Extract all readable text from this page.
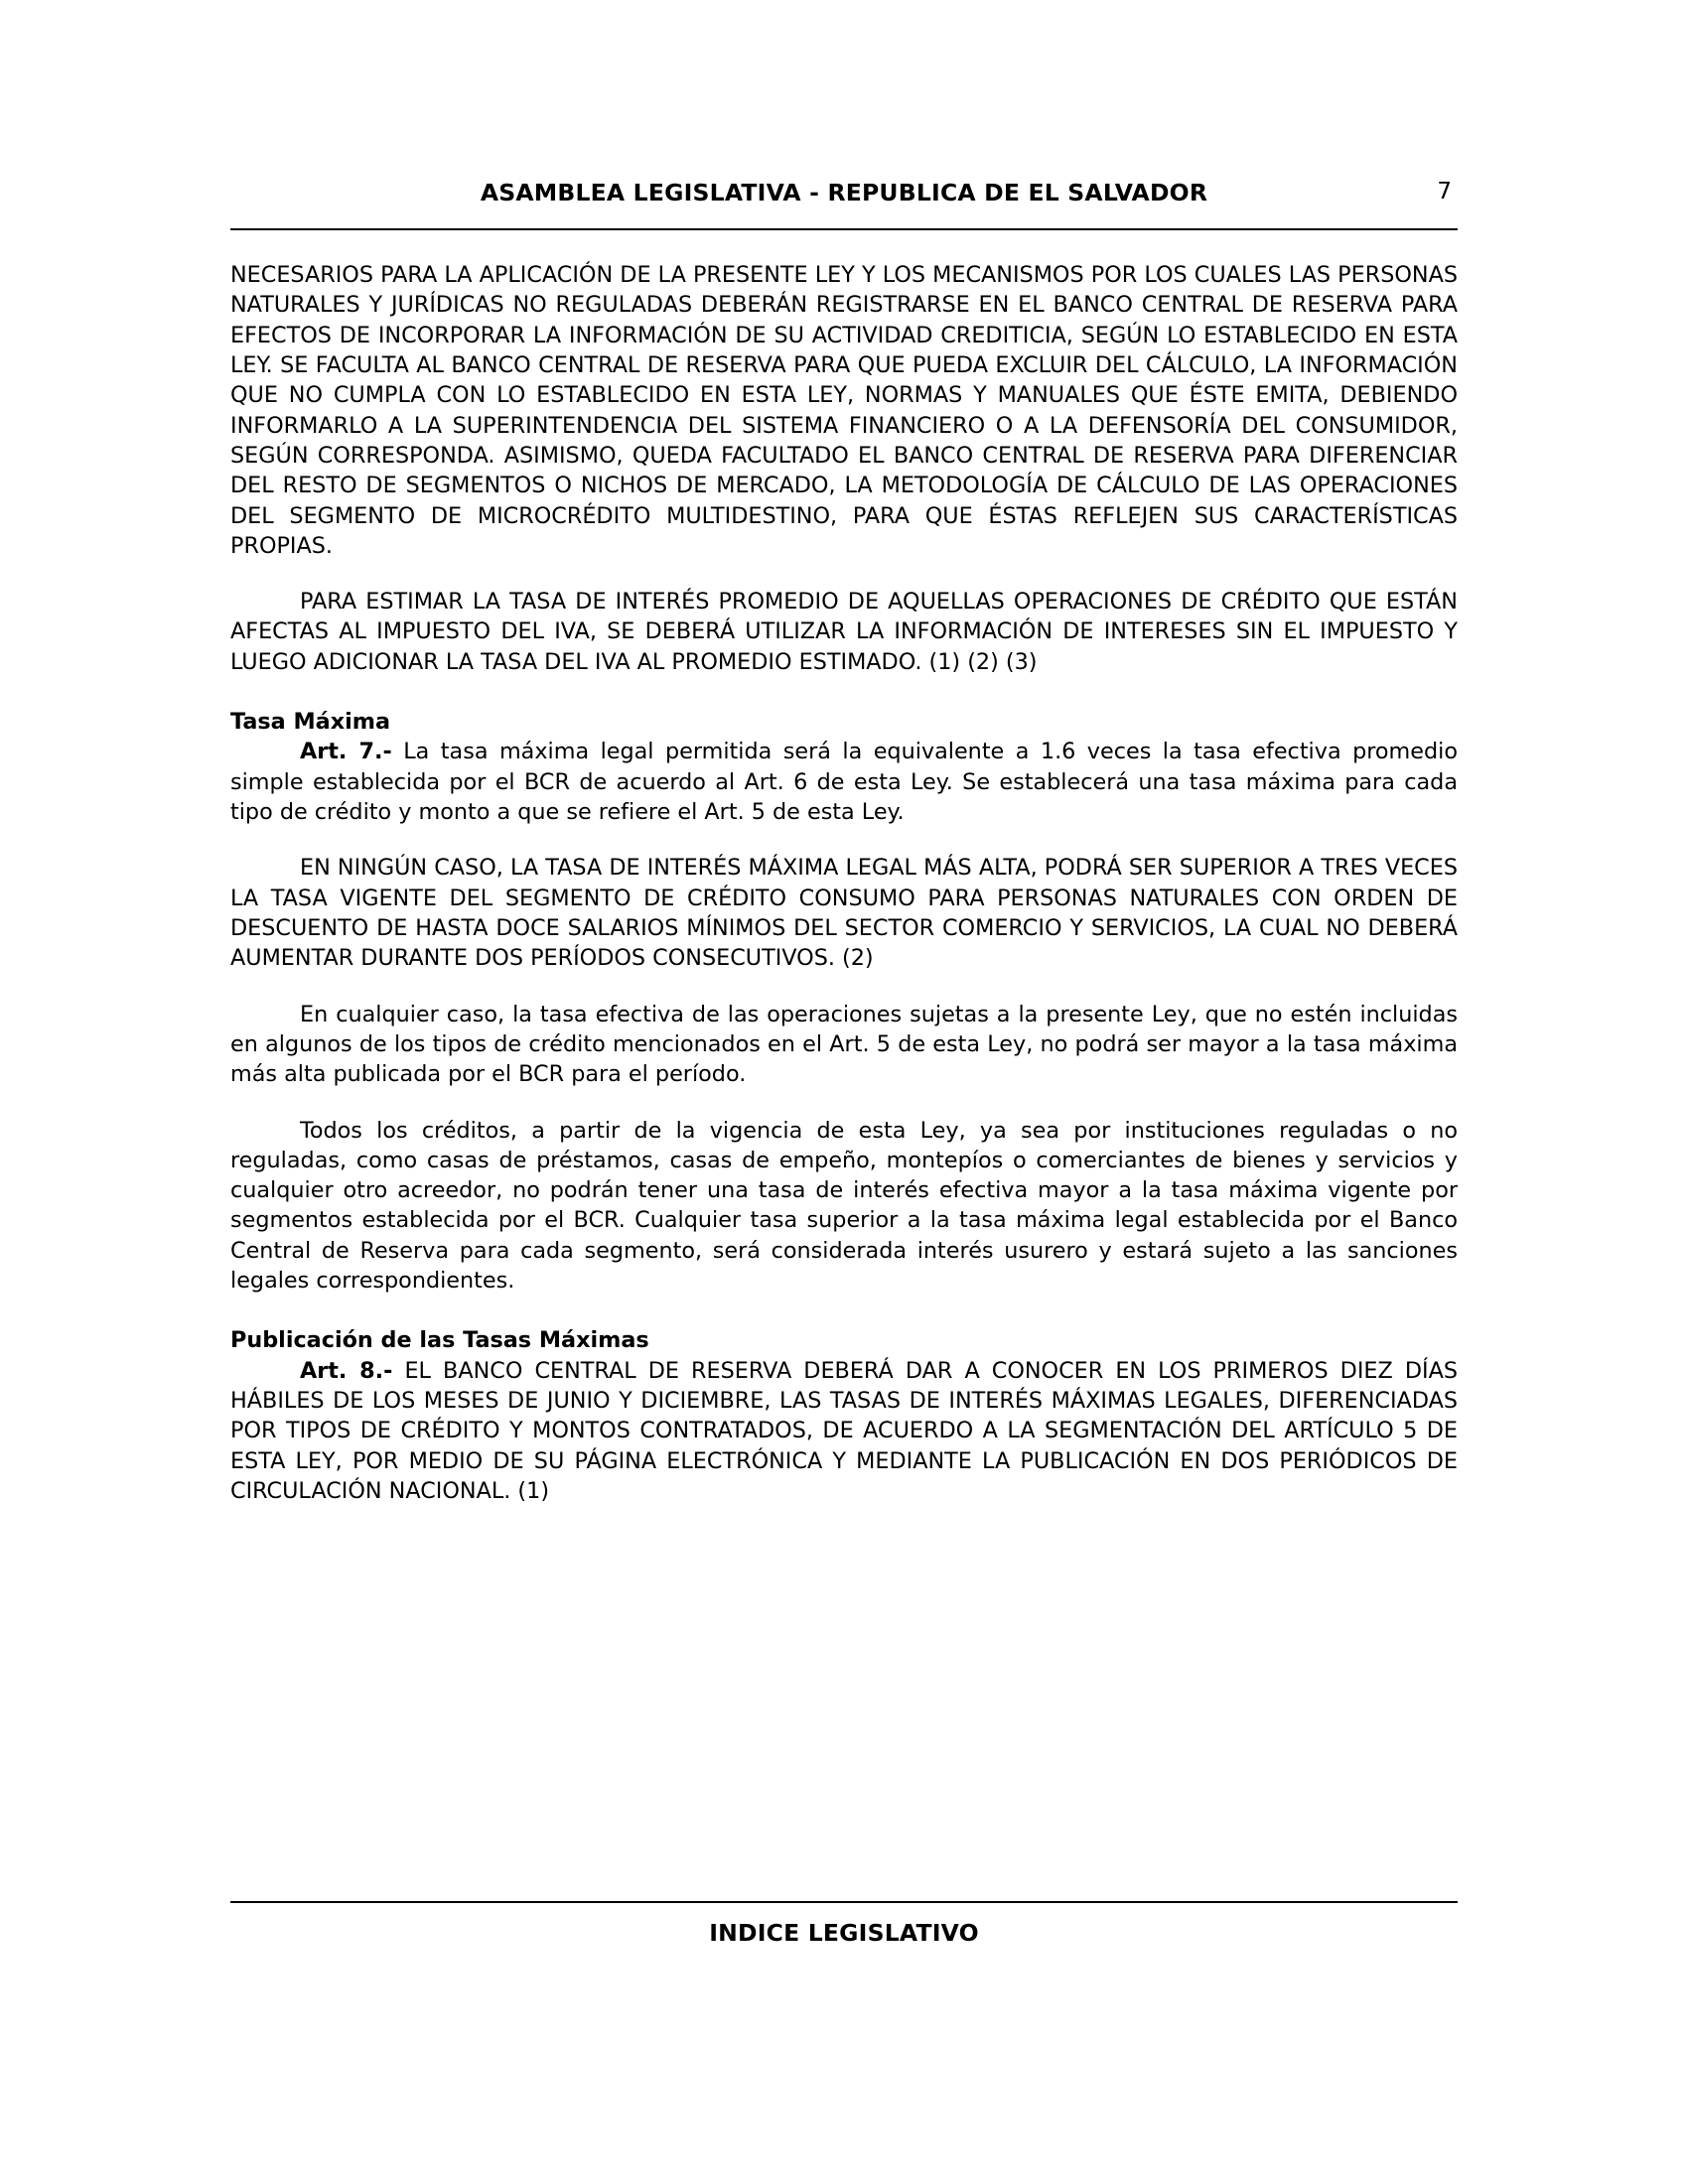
ASAMBLEA LEGISLATIVA - REPUBLICA DE EL SALVADOR	7

NECESARIOS PARA LA APLICACIÓN DE LA PRESENTE LEY Y LOS MECANISMOS POR LOS CUALES LAS PERSONAS NATURALES Y JURÍDICAS NO REGULADAS DEBERÁN REGISTRARSE EN EL BANCO CENTRAL DE RESERVA PARA EFECTOS DE INCORPORAR LA INFORMACIÓN DE SU ACTIVIDAD CREDITICIA, SEGÚN LO ESTABLECIDO EN ESTA LEY. SE FACULTA AL BANCO CENTRAL DE RESERVA PARA QUE PUEDA EXCLUIR DEL CÁLCULO, LA INFORMACIÓN QUE NO CUMPLA CON LO ESTABLECIDO EN ESTA LEY, NORMAS Y MANUALES QUE ÉSTE EMITA, DEBIENDO INFORMARLO A LA SUPERINTENDENCIA DEL SISTEMA FINANCIERO O A LA DEFENSORÍA DEL CONSUMIDOR, SEGÚN CORRESPONDA. ASIMISMO, QUEDA FACULTADO EL BANCO CENTRAL DE RESERVA PARA DIFERENCIAR DEL RESTO DE SEGMENTOS O NICHOS DE MERCADO, LA METODOLOGÍA DE CÁLCULO DE LAS OPERACIONES DEL SEGMENTO DE MICROCRÉDITO MULTIDESTINO, PARA QUE ÉSTAS REFLEJEN SUS CARACTERÍSTICAS PROPIAS.

PARA ESTIMAR LA TASA DE INTERÉS PROMEDIO DE AQUELLAS OPERACIONES DE CRÉDITO QUE ESTÁN AFECTAS AL IMPUESTO DEL IVA, SE DEBERÁ UTILIZAR LA INFORMACIÓN DE INTERESES SIN EL IMPUESTO Y LUEGO ADICIONAR LA TASA DEL IVA AL PROMEDIO ESTIMADO. (1) (2) (3)

Tasa Máxima

Art. 7.- La tasa máxima legal permitida será la equivalente a 1.6 veces la tasa efectiva promedio simple establecida por el BCR de acuerdo al Art. 6 de esta Ley. Se establecerá una tasa máxima para cada tipo de crédito y monto a que se refiere el Art. 5 de esta Ley.

EN NINGÚN CASO, LA TASA DE INTERÉS MÁXIMA LEGAL MÁS ALTA, PODRÁ SER SUPERIOR A TRES VECES LA TASA VIGENTE DEL SEGMENTO DE CRÉDITO CONSUMO PARA PERSONAS NATURALES CON ORDEN DE DESCUENTO DE HASTA DOCE SALARIOS MÍNIMOS DEL SECTOR COMERCIO Y SERVICIOS, LA CUAL NO DEBERÁ AUMENTAR DURANTE DOS PERÍODOS CONSECUTIVOS. (2)

En cualquier caso, la tasa efectiva de las operaciones sujetas a la presente Ley, que no estén incluidas en algunos de los tipos de crédito mencionados en el Art. 5 de esta Ley, no podrá ser mayor a la tasa máxima más alta publicada por el BCR para el período.

Todos los créditos, a partir de la vigencia de esta Ley, ya sea por instituciones reguladas o no reguladas, como casas de préstamos, casas de empeño, montepíos o comerciantes de bienes y servicios y cualquier otro acreedor, no podrán tener una tasa de interés efectiva mayor a la tasa máxima vigente por segmentos establecida por el BCR. Cualquier tasa superior a la tasa máxima legal establecida por el Banco Central de Reserva para cada segmento, será considerada interés usurero y estará sujeto a las sanciones legales correspondientes.

Publicación de las Tasas Máximas

Art. 8.- EL BANCO CENTRAL DE RESERVA DEBERÁ DAR A CONOCER EN LOS PRIMEROS DIEZ DÍAS HÁBILES DE LOS MESES DE JUNIO Y DICIEMBRE, LAS TASAS DE INTERÉS MÁXIMAS LEGALES, DIFERENCIADAS POR TIPOS DE CRÉDITO Y MONTOS CONTRATADOS, DE ACUERDO A LA SEGMENTACIÓN DEL ARTÍCULO 5 DE ESTA LEY, POR MEDIO DE SU PÁGINA ELECTRÓNICA Y MEDIANTE LA PUBLICACIÓN EN DOS PERIÓDICOS DE CIRCULACIÓN NACIONAL. (1)

INDICE LEGISLATIVO
